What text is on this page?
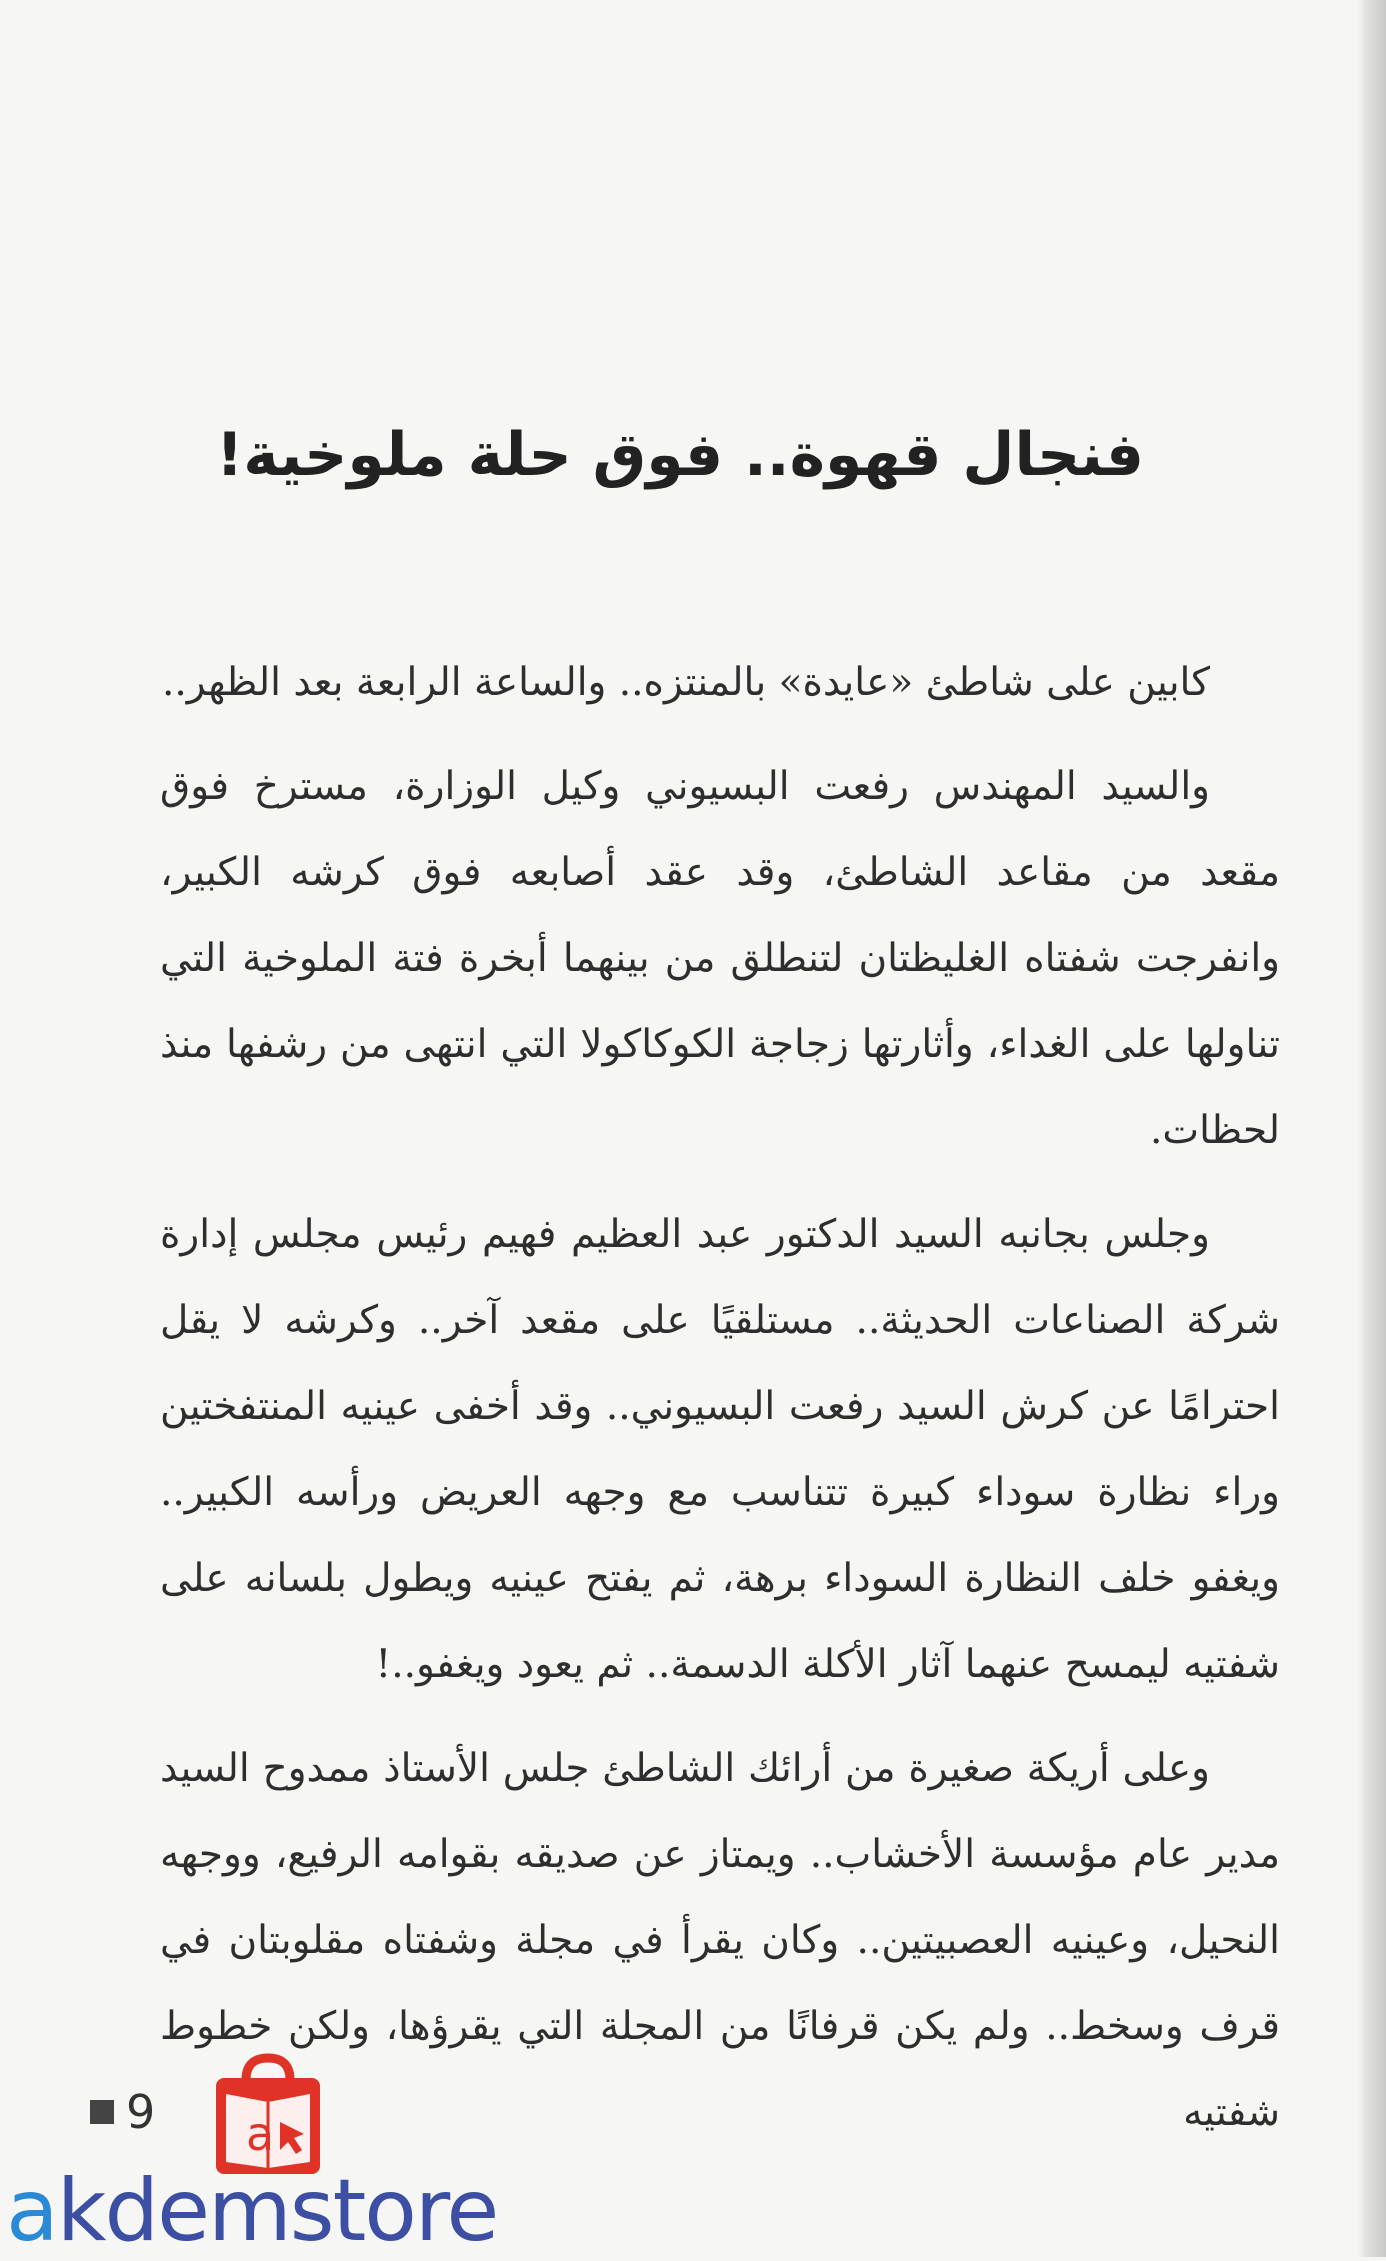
فنجال قهوة.. فوق حلة ملوخية!

كابين على شاطئ «عايدة» بالمنتزه.. والساعة الرابعة بعد الظهر..

والسيد المهندس رفعت البسيوني وكيل الوزارة، مسترخ فوق مقعد من مقاعد الشاطئ، وقد عقد أصابعه فوق كرشه الكبير، وانفرجت شفتاه الغليظتان لتنطلق من بينهما أبخرة فتة الملوخية التي تناولها على الغداء، وأثارتها زجاجة الكوكاكولا التي انتهى من رشفها منذ لحظات.

وجلس بجانبه السيد الدكتور عبد العظيم فهيم رئيس مجلس إدارة شركة الصناعات الحديثة.. مستلقيًا على مقعد آخر.. وكرشه لا يقل احترامًا عن كرش السيد رفعت البسيوني.. وقد أخفى عينيه المنتفختين وراء نظارة سوداء كبيرة تتناسب مع وجهه العريض ورأسه الكبير.. ويغفو خلف النظارة السوداء برهة، ثم يفتح عينيه ويطول بلسانه على شفتيه ليمسح عنهما آثار الأكلة الدسمة.. ثم يعود ويغفو..!

وعلى أريكة صغيرة من أرائك الشاطئ جلس الأستاذ ممدوح السيد مدير عام مؤسسة الأخشاب.. ويمتاز عن صديقه بقوامه الرفيع، ووجهه النحيل، وعينيه العصبيتين.. وكان يقرأ في مجلة وشفتاه مقلوبتان في قرف وسخط.. ولم يكن قرفانًا من المجلة التي يقرؤها، ولكن خطوط شفتيه

9 a
akdemstore
